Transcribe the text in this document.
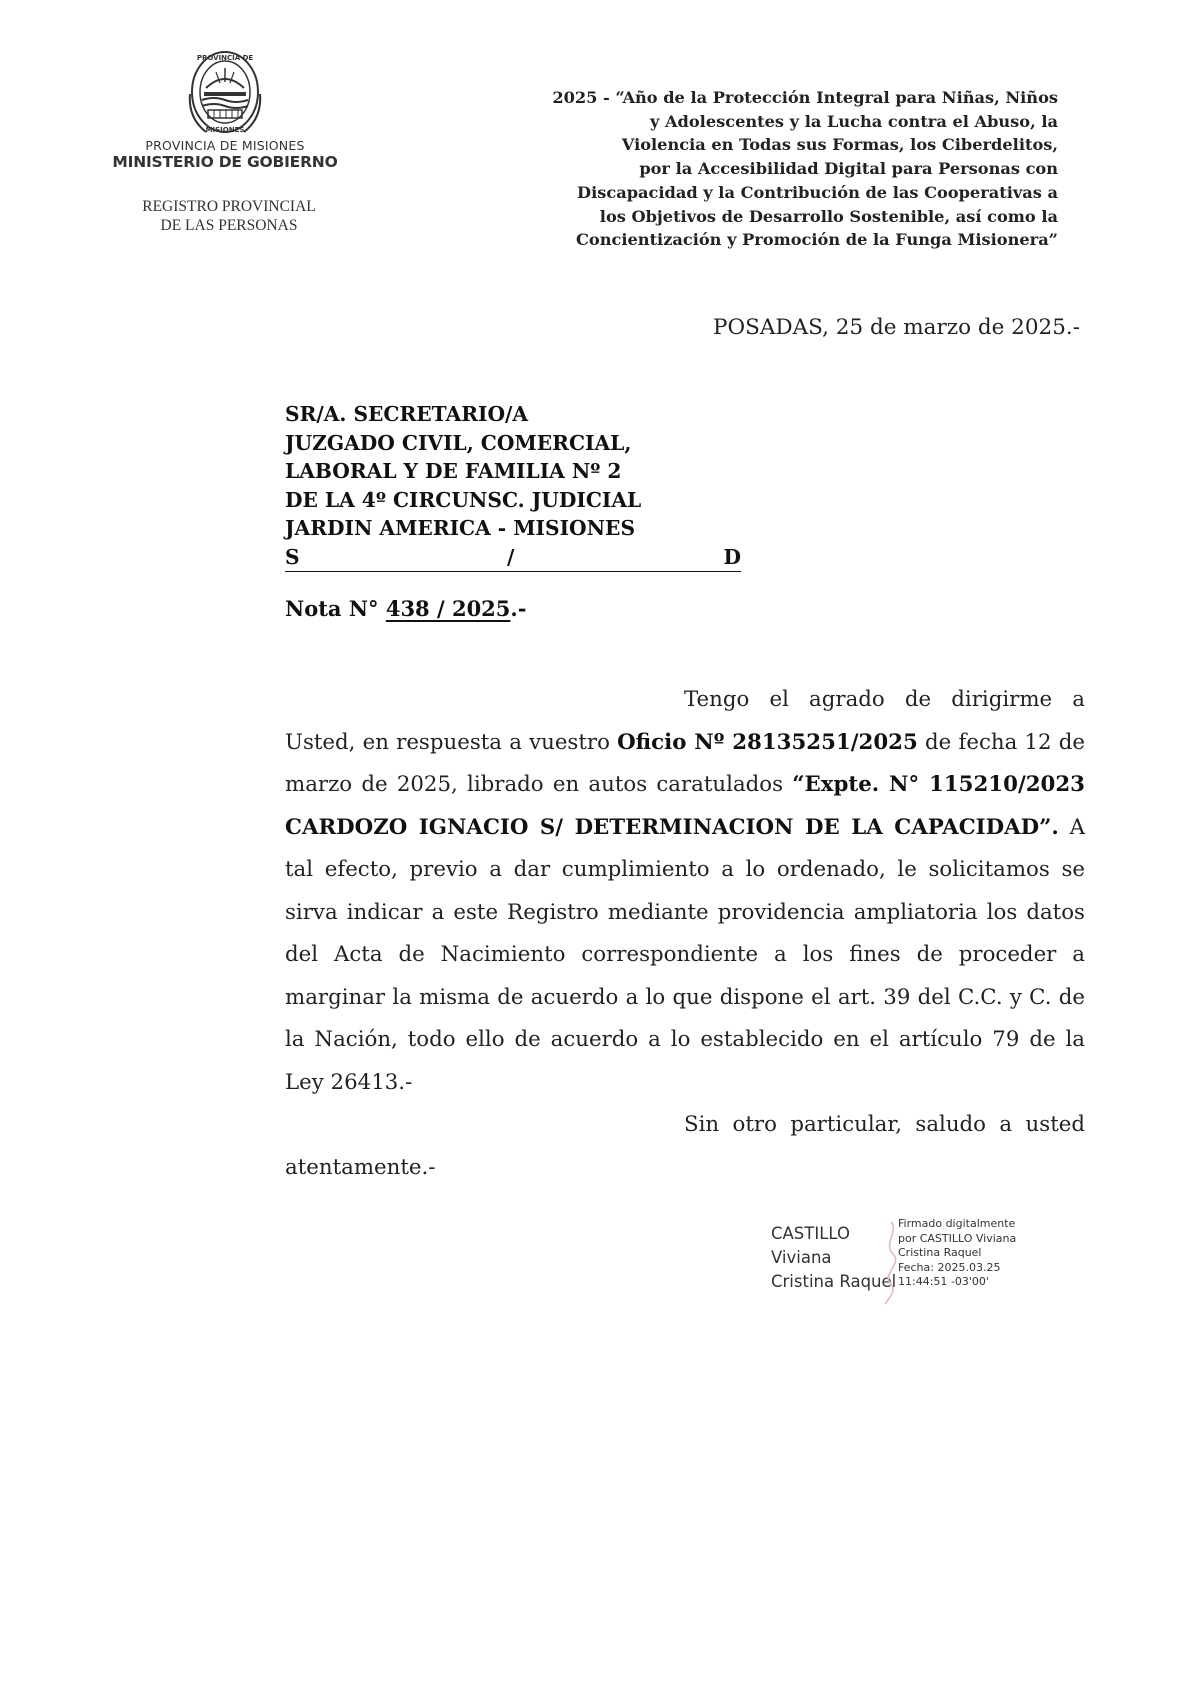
PROVINCIA DE
MISIONES
PROVINCIA DE MISIONES
MINISTERIO DE GOBIERNO
REGISTRO PROVINCIAL
DE LAS PERSONAS
2025 - “Año de la Protección Integral para Niñas, Niños
y Adolescentes y la Lucha contra el Abuso, la
Violencia en Todas sus Formas, los Ciberdelitos,
por la Accesibilidad Digital para Personas con
Discapacidad y la Contribución de las Cooperativas a
los Objetivos de Desarrollo Sostenible, así como la
Concientización y Promoción de la Funga Misionera”
POSADAS, 25 de marzo de 2025.-
SR/A. SECRETARIO/A
JUZGADO CIVIL, COMERCIAL,
LABORAL Y DE FAMILIA Nº 2
DE LA 4º CIRCUNSC. JUDICIAL
JARDIN AMERICA - MISIONES
S	/	D
Nota N° 438 / 2025.-

Tengo el agrado de dirigirme a Usted, en respuesta a vuestro Oficio Nº 28135251/2025 de fecha 12 de marzo de 2025, librado en autos caratulados “Expte. N° 115210/2023 CARDOZO IGNACIO S/ DETERMINACION DE LA CAPACIDAD”. A tal efecto, previo a dar cumplimiento a lo ordenado, le solicitamos se sirva indicar a este Registro mediante providencia ampliatoria los datos del Acta de Nacimiento correspondiente a los fines de proceder a marginar la misma de acuerdo a lo que dispone el art. 39 del C.C. y C. de la Nación, todo ello de acuerdo a lo establecido en el artículo 79 de la Ley 26413.-

Sin otro particular, saludo a usted atentamente.-

CASTILLO
Viviana
Cristina Raquel
Firmado digitalmente
por CASTILLO Viviana
Cristina Raquel
Fecha: 2025.03.25
11:44:51 -03'00'
